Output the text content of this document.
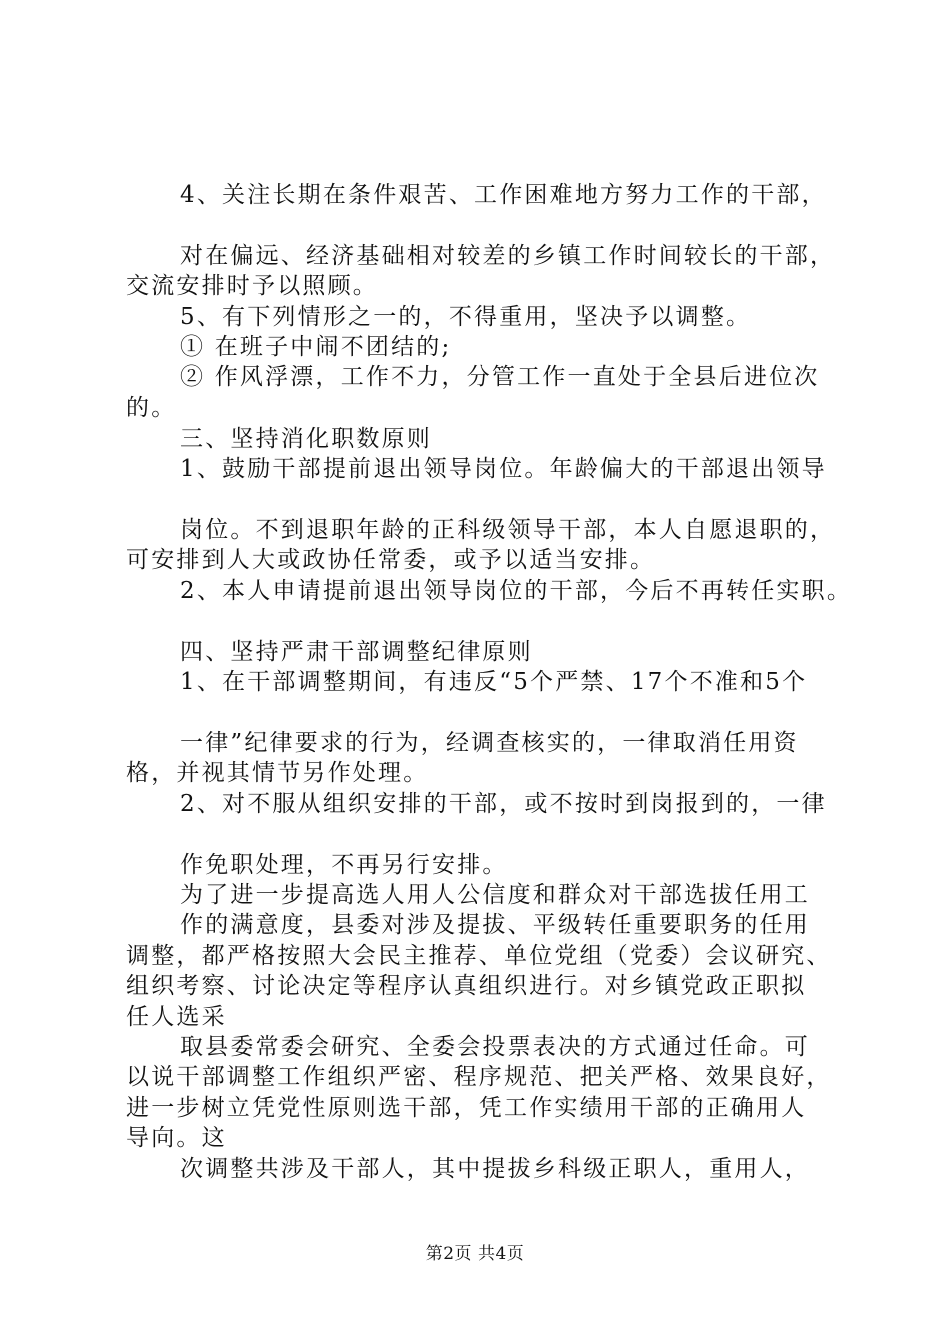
4、关注长期在条件艰苦、工作困难地方努力工作的干部，
对在偏远、经济基础相对较差的乡镇工作时间较长的干部，
交流安排时予以照顾。
5、有下列情形之一的，不得重用，坚决予以调整。
① 在班子中闹不团结的;
② 作风浮漂，工作不力，分管工作一直处于全县后进位次
的。
三、坚持消化职数原则
1、鼓励干部提前退出领导岗位。年龄偏大的干部退出领导
岗位。不到退职年龄的正科级领导干部，本人自愿退职的，
可安排到人大或政协任常委，或予以适当安排。
2、本人申请提前退出领导岗位的干部，今后不再转任实职。
四、坚持严肃干部调整纪律原则
1、在干部调整期间，有违反“5个严禁、17个不准和5个
一律”纪律要求的行为，经调查核实的，一律取消任用资
格，并视其情节另作处理。
2、对不服从组织安排的干部，或不按时到岗报到的，一律
作免职处理，不再另行安排。
为了进一步提高选人用人公信度和群众对干部选拔任用工
作的满意度，县委对涉及提拔、平级转任重要职务的任用
调整，都严格按照大会民主推荐、单位党组（党委）会议研究、
组织考察、讨论决定等程序认真组织进行。对乡镇党政正职拟
任人选采
取县委常委会研究、全委会投票表决的方式通过任命。可
以说干部调整工作组织严密、程序规范、把关严格、效果良好，
进一步树立凭党性原则选干部，凭工作实绩用干部的正确用人
导向。这
次调整共涉及干部人，其中提拔乡科级正职人，重用人，
第2页 共4页
